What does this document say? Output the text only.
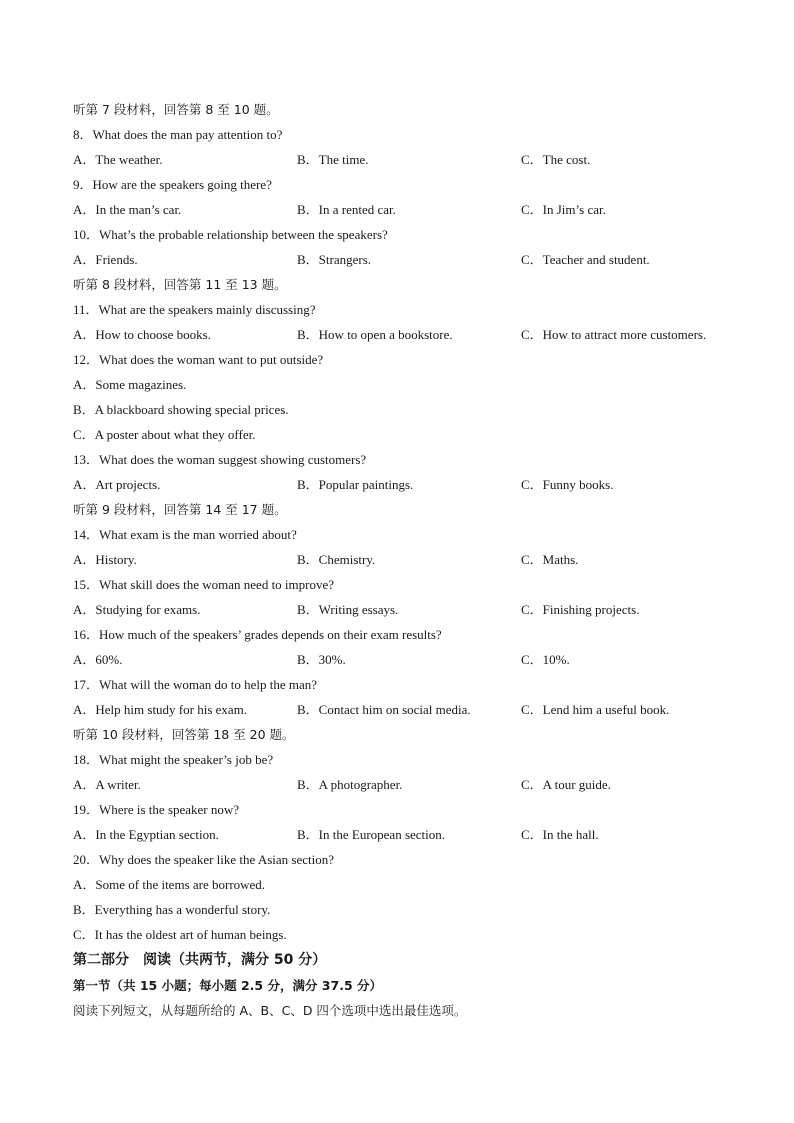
听第 7 段材料，回答第 8 至 10 题。
8．What does the man pay attention to?
A．The weather.	B．The time.	C．The cost.
9．How are the speakers going there?
A．In the man’s car.	B．In a rented car.	C．In Jim’s car.
10．What’s the probable relationship between the speakers?
A．Friends.	B．Strangers.	C．Teacher and student.
听第 8 段材料，回答第 11 至 13 题。
11．What are the speakers mainly discussing?
A．How to choose books.	B．How to open a bookstore.	C．How to attract more customers.
12．What does the woman want to put outside?
A．Some magazines.
B．A blackboard showing special prices.
C．A poster about what they offer.
13．What does the woman suggest showing customers?
A．Art projects.	B．Popular paintings.	C．Funny books.
听第 9 段材料，回答第 14 至 17 题。
14．What exam is the man worried about?
A．History.	B．Chemistry.	C．Maths.
15．What skill does the woman need to improve?
A．Studying for exams.	B．Writing essays.	C．Finishing projects.
16．How much of the speakers’ grades depends on their exam results?
A．60%.	B．30%.	C．10%.
17．What will the woman do to help the man?
A．Help him study for his exam.	B．Contact him on social media.	C．Lend him a useful book.
听第 10 段材料，回答第 18 至 20 题。
18．What might the speaker’s job be?
A．A writer.	B．A photographer.	C．A tour guide.
19．Where is the speaker now?
A．In the Egyptian section.	B．In the European section.	C．In the hall.
20．Why does the speaker like the Asian section?
A．Some of the items are borrowed.
B．Everything has a wonderful story.
C．It has the oldest art of human beings.
第二部分　阅读（共两节，满分 50 分）
第一节（共 15 小题；每小题 2.5 分，满分 37.5 分）
阅读下列短文，从每题所给的 A、B、C、D 四个选项中选出最佳选项。
